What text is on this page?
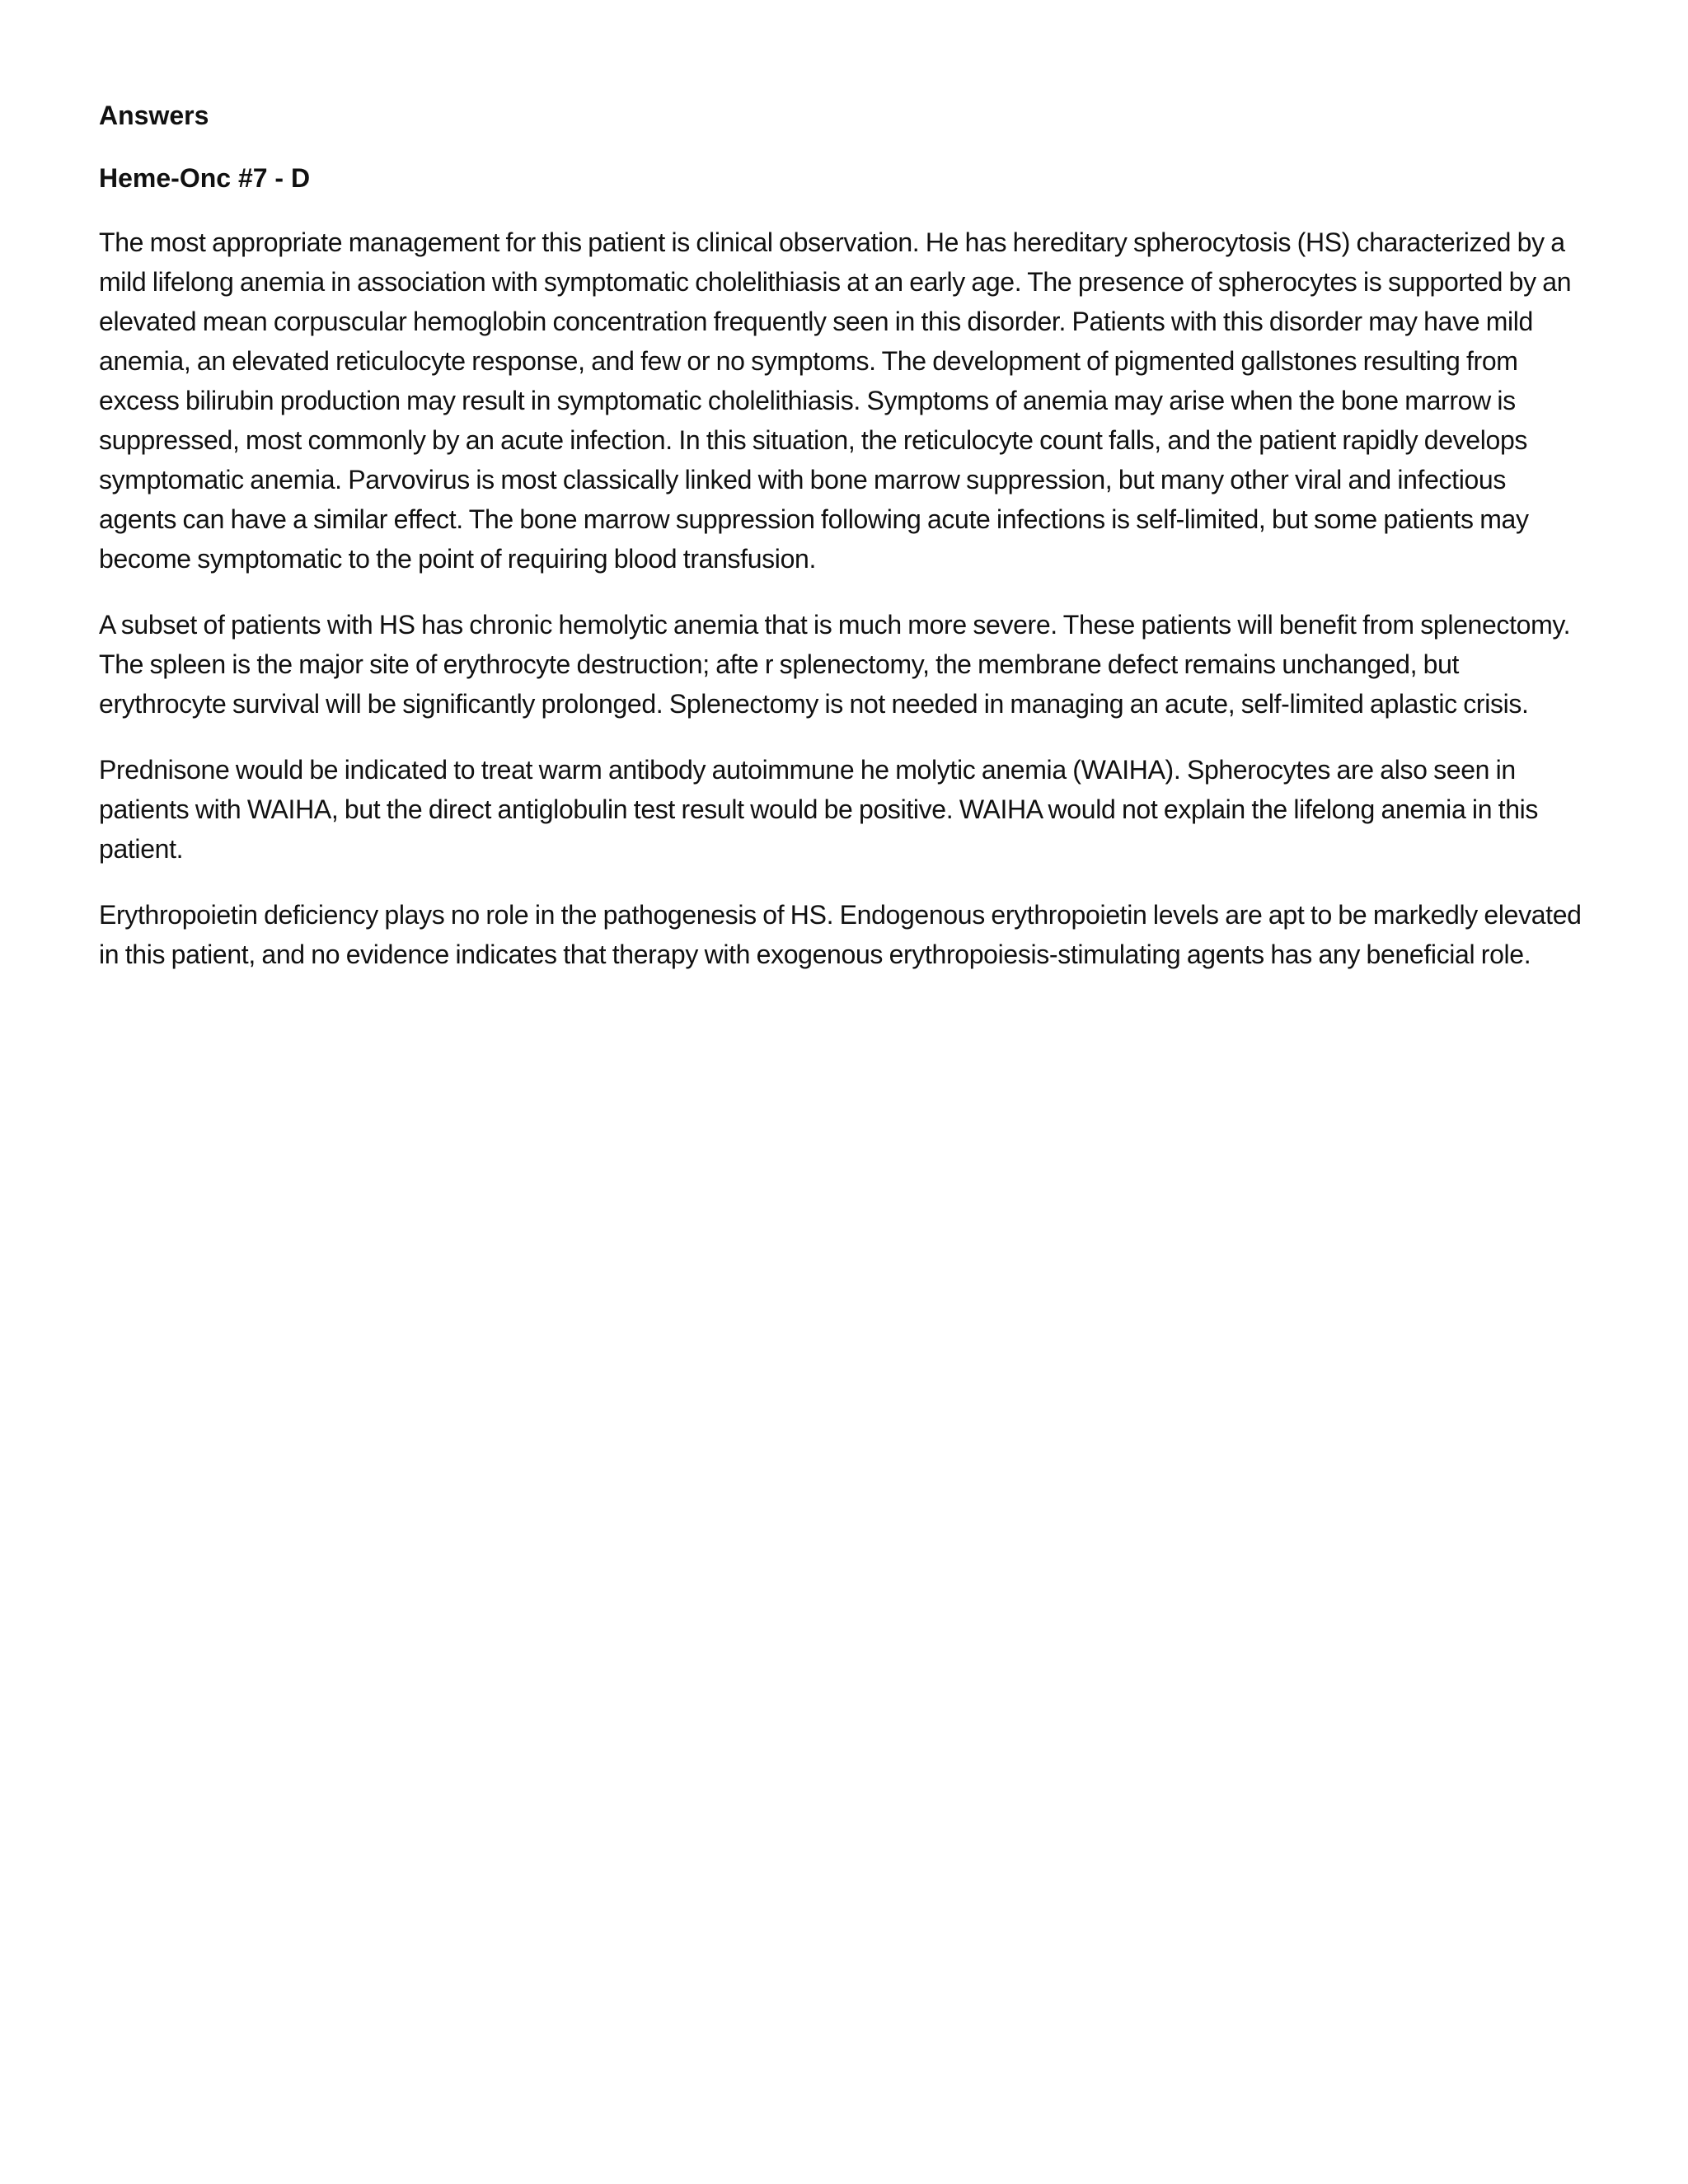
Answers
Heme-Onc #7 - D

The most appropriate management for this patient is clinical observation. He has hereditary spherocytosis (HS) characterized by a mild lifelong anemia in association with symptomatic cholelithiasis at an early age. The presence of spherocytes is supported by an elevated mean corpuscular hemoglobin concentration frequently seen in this disorder. Patients with this disorder may have mild anemia, an elevated reticulocyte response, and few or no symptoms. The development of pigmented gallstones resulting from excess bilirubin production may result in symptomatic cholelithiasis. Symptoms of anemia may arise when the bone marrow is suppressed, most commonly by an acute infection. In this situation, the reticulocyte count falls, and the patient rapidly develops symptomatic anemia. Parvovirus is most classically linked with bone marrow suppression, but many other viral and infectious agents can have a similar effect. The bone marrow suppression following acute infections is self-limited, but some patients may become symptomatic to the point of requiring blood transfusion.

A subset of patients with HS has chronic hemolytic anemia that is much more severe. These patients will benefit from splenectomy. The spleen is the major site of erythrocyte destruction; afte r splenectomy, the membrane defect remains unchanged, but erythrocyte survival will be significantly prolonged. Splenectomy is not needed in managing an acute, self-limited aplastic crisis.

Prednisone would be indicated to treat warm antibody autoimmune he molytic anemia (WAIHA). Spherocytes are also seen in patients with WAIHA, but the direct antiglobulin test result would be positive. WAIHA would not explain the lifelong anemia in this patient.

Erythropoietin deficiency plays no role in the pathogenesis of HS. Endogenous erythropoietin levels are apt to be markedly elevated in this patient, and no evidence indicates that therapy with exogenous erythropoiesis-stimulating agents has any beneficial role.
